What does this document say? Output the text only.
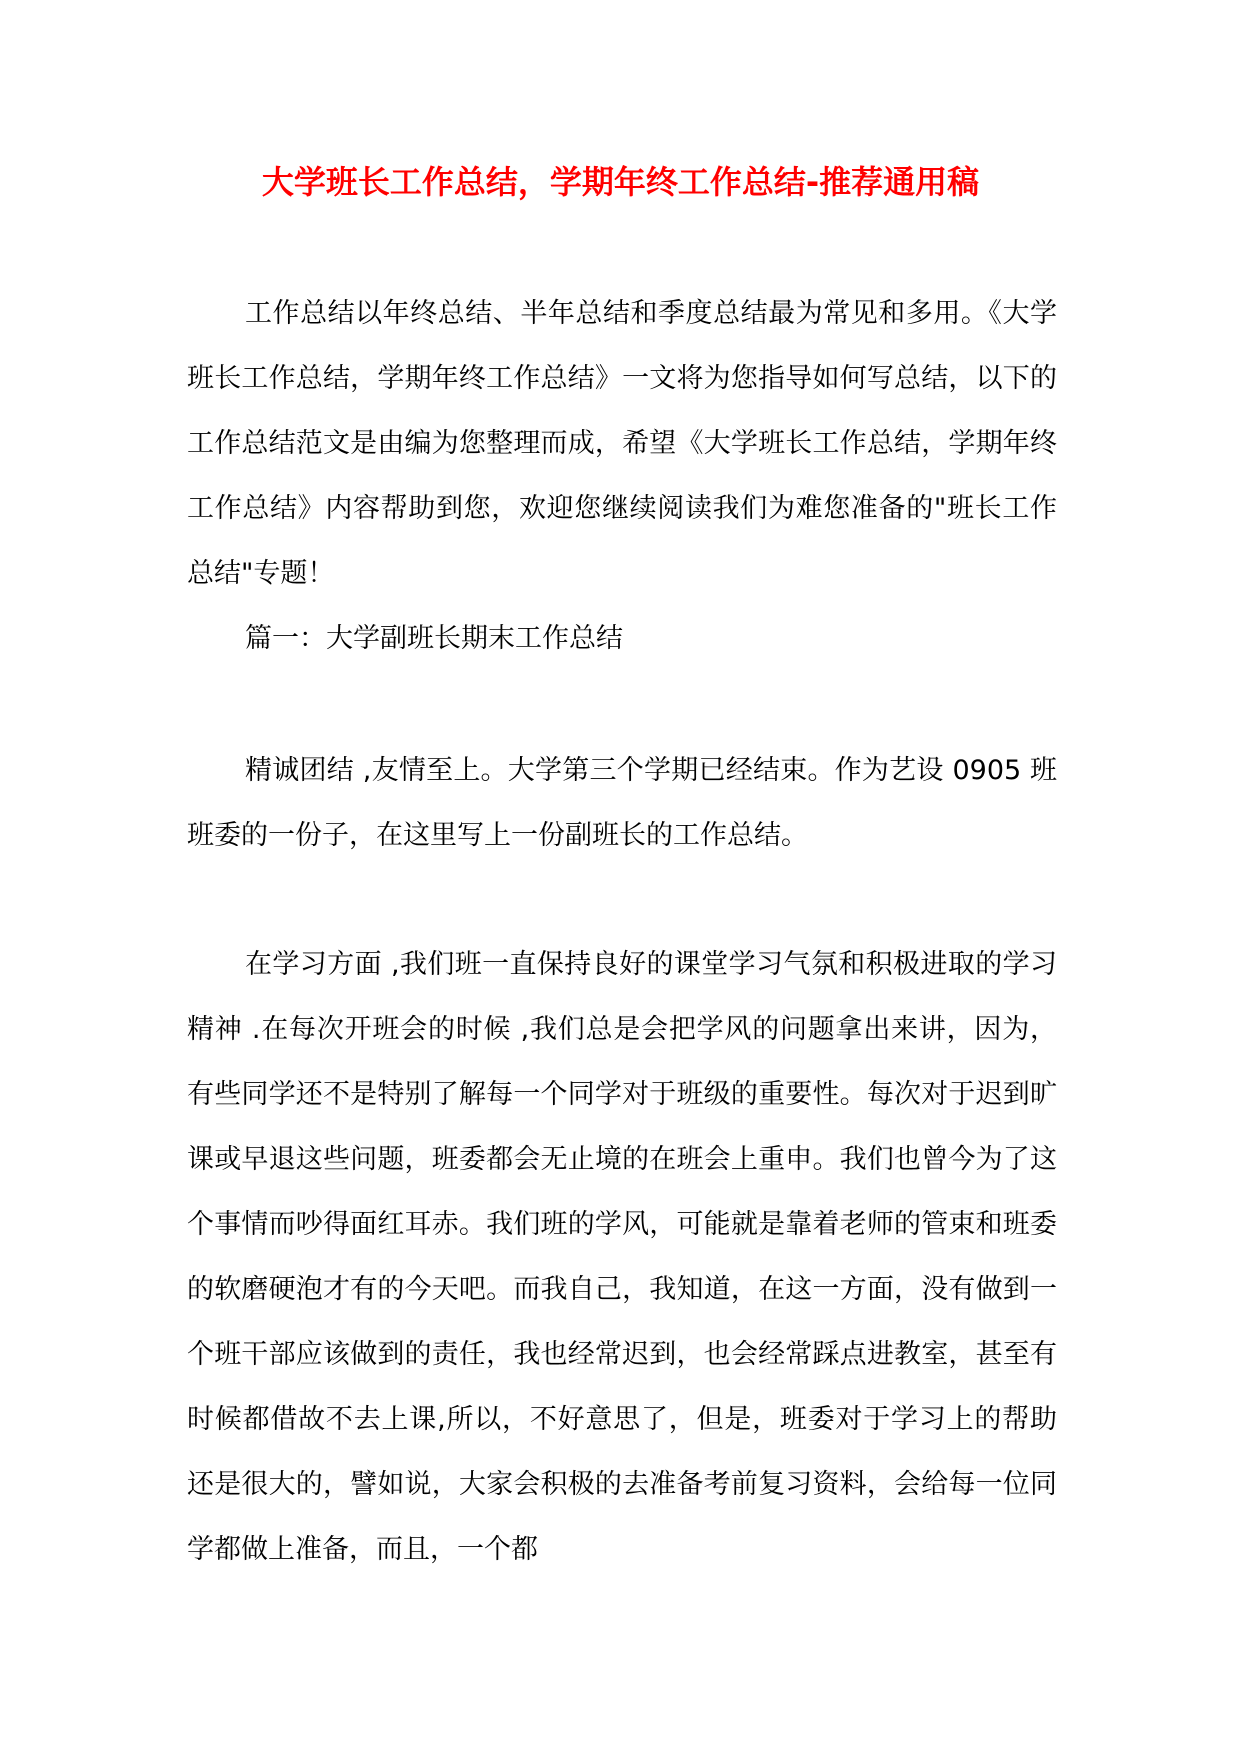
大学班长工作总结，学期年终工作总结-推荐通用稿

工作总结以年终总结、半年总结和季度总结最为常见和多用。《大学班长工作总结，学期年终工作总结》一文将为您指导如何写总结，以下的工作总结范文是由编为您整理而成，希望《大学班长工作总结，学期年终工作总结》内容帮助到您，欢迎您继续阅读我们为难您准备的"班长工作总结"专题！

篇一：大学副班长期末工作总结

精诚团结 ,友情至上。大学第三个学期已经结束。作为艺设 0905 班班委的一份子，在这里写上一份副班长的工作总结。

在学习方面 ,我们班一直保持良好的课堂学习气氛和积极进取的学习精神 .在每次开班会的时候 ,我们总是会把学风的问题拿出来讲，因为，有些同学还不是特别了解每一个同学对于班级的重要性。每次对于迟到旷课或早退这些问题，班委都会无止境的在班会上重申。我们也曾今为了这个事情而吵得面红耳赤。我们班的学风，可能就是靠着老师的管束和班委的软磨硬泡才有的今天吧。而我自己，我知道，在这一方面，没有做到一个班干部应该做到的责任，我也经常迟到，也会经常踩点进教室，甚至有时候都借故不去上课,所以，不好意思了，但是，班委对于学习上的帮助还是很大的，譬如说，大家会积极的去准备考前复习资料，会给每一位同学都做上准备，而且，一个都
